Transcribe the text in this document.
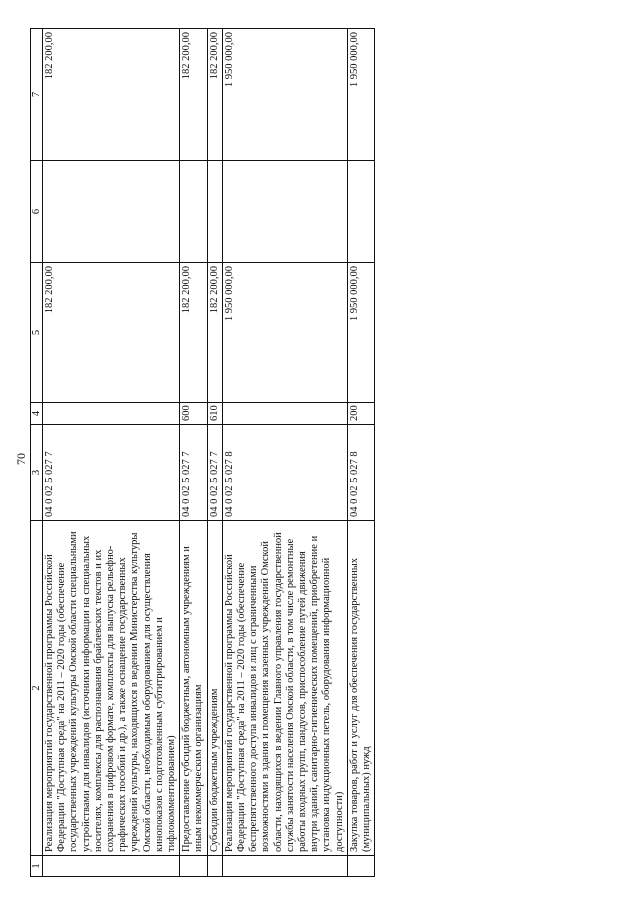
70
1	2	3	4	5	6	7
	Реализация мероприятий государственной программы Российской Федерации "Доступная среда" на 2011 – 2020 годы (обеспечение государственных учреждений культуры Омской области специальными устройствами для инвалидов (источники информации на специальных носителях, комплексы для распознавания брайлевских текстов и их сохранения в цифровом формате, комплекты для выпуска рельефно-графических пособий и др.), а также оснащение государственных учреждений культуры, находящихся в ведении Министерства культуры Омской области, необходимым оборудованием для осуществления кинопоказов с подготовленным субтитрированием и тифлокомментированием)	04 0 02 5 027 7		182 200,00		182 200,00
	Предоставление субсидий бюджетным, автономным учреждениям и иным некоммерческим организациям	04 0 02 5 027 7	600	182 200,00		182 200,00
	Субсидии бюджетным учреждениям	04 0 02 5 027 7	610	182 200,00		182 200,00
	Реализация мероприятий государственной программы Российской Федерации "Доступная среда" на 2011 – 2020 годы (обеспечение беспрепятственного доступа инвалидов и лиц с ограниченными возможностями в здания и помещения казенных учреждений Омской области, находящихся в ведении Главного управления государственной службы занятости населения Омской области, в том числе ремонтные работы входных групп, пандусов, приспособление путей движения внутри зданий, санитарно-гигиенических помещений, приобретение и установка индукционных петель, оборудования информационной доступности)	04 0 02 5 027 8		1 950 000,00		1 950 000,00
	Закупка товаров, работ и услуг для обеспечения государственных (муниципальных) нужд	04 0 02 5 027 8	200	1 950 000,00		1 950 000,00
